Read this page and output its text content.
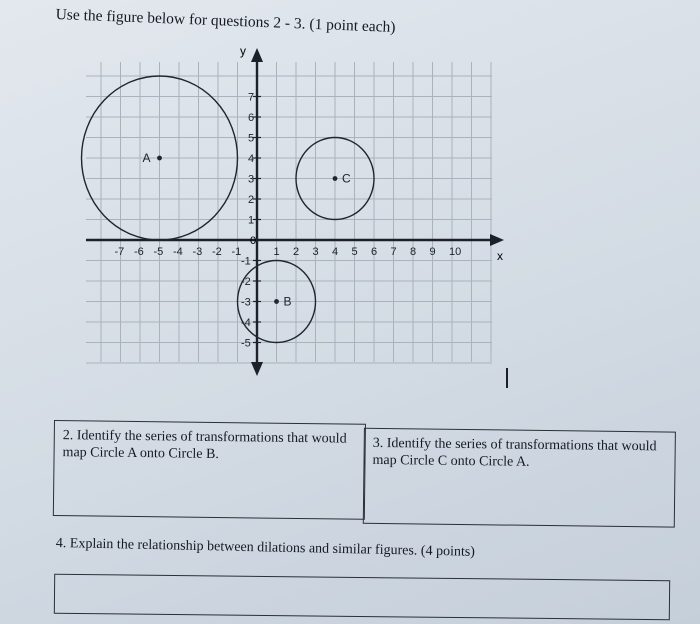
Use the figure below for questions 2 - 3. (1 point each)
y
x
0
-7 -6 -5 -4 -3 -2 -1	1 2 3 4 5 6 7 8 9 10
7
6
5
4
3
2
1
-1
-2
-3
-4
-5
A
B
C
2. Identify the series of transformations that would map Circle A onto Circle B.
3. Identify the series of transformations that would map Circle C onto Circle A.
4. Explain the relationship between dilations and similar figures. (4 points)
